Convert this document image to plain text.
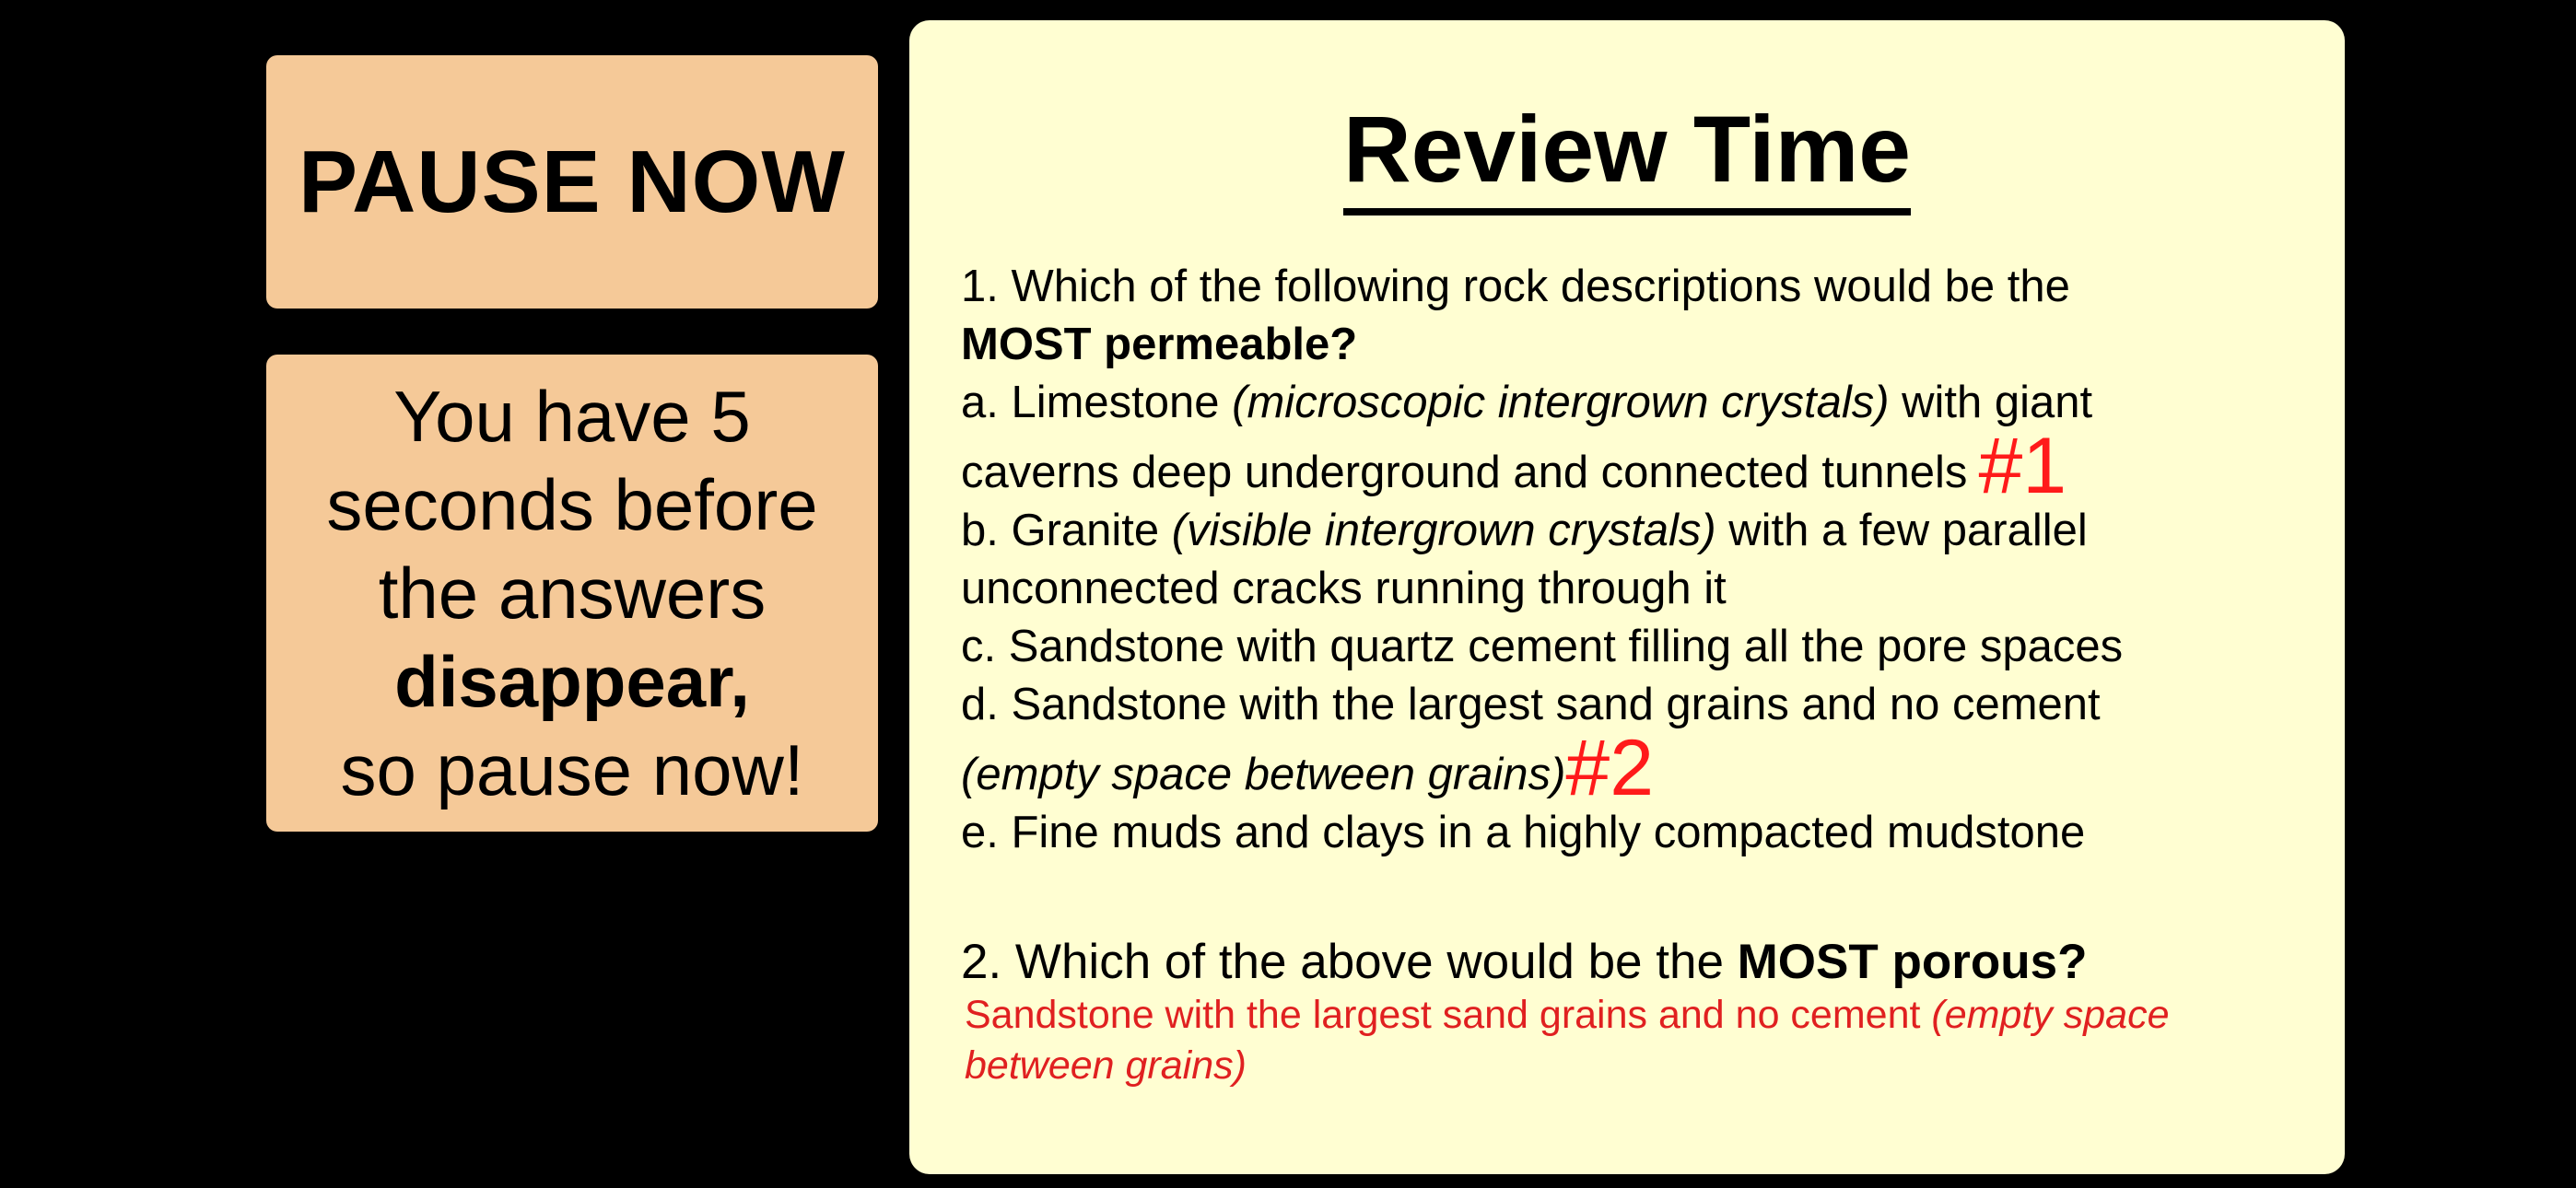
PAUSE NOW
You have 5
seconds before
the answers
disappear,
so pause now!
Review Time
1. Which of the following rock descriptions would be the
MOST permeable?
a. Limestone (microscopic intergrown crystals) with giant
caverns deep underground and connected tunnels #1
b. Granite (visible intergrown crystals) with a few parallel
unconnected cracks running through it
c. Sandstone with quartz cement filling all the pore spaces
d. Sandstone with the largest sand grains and no cement
(empty space between grains)#2
e. Fine muds and clays in a highly compacted mudstone
2. Which of the above would be the MOST porous?
Sandstone with the largest sand grains and no cement (empty space between grains)
